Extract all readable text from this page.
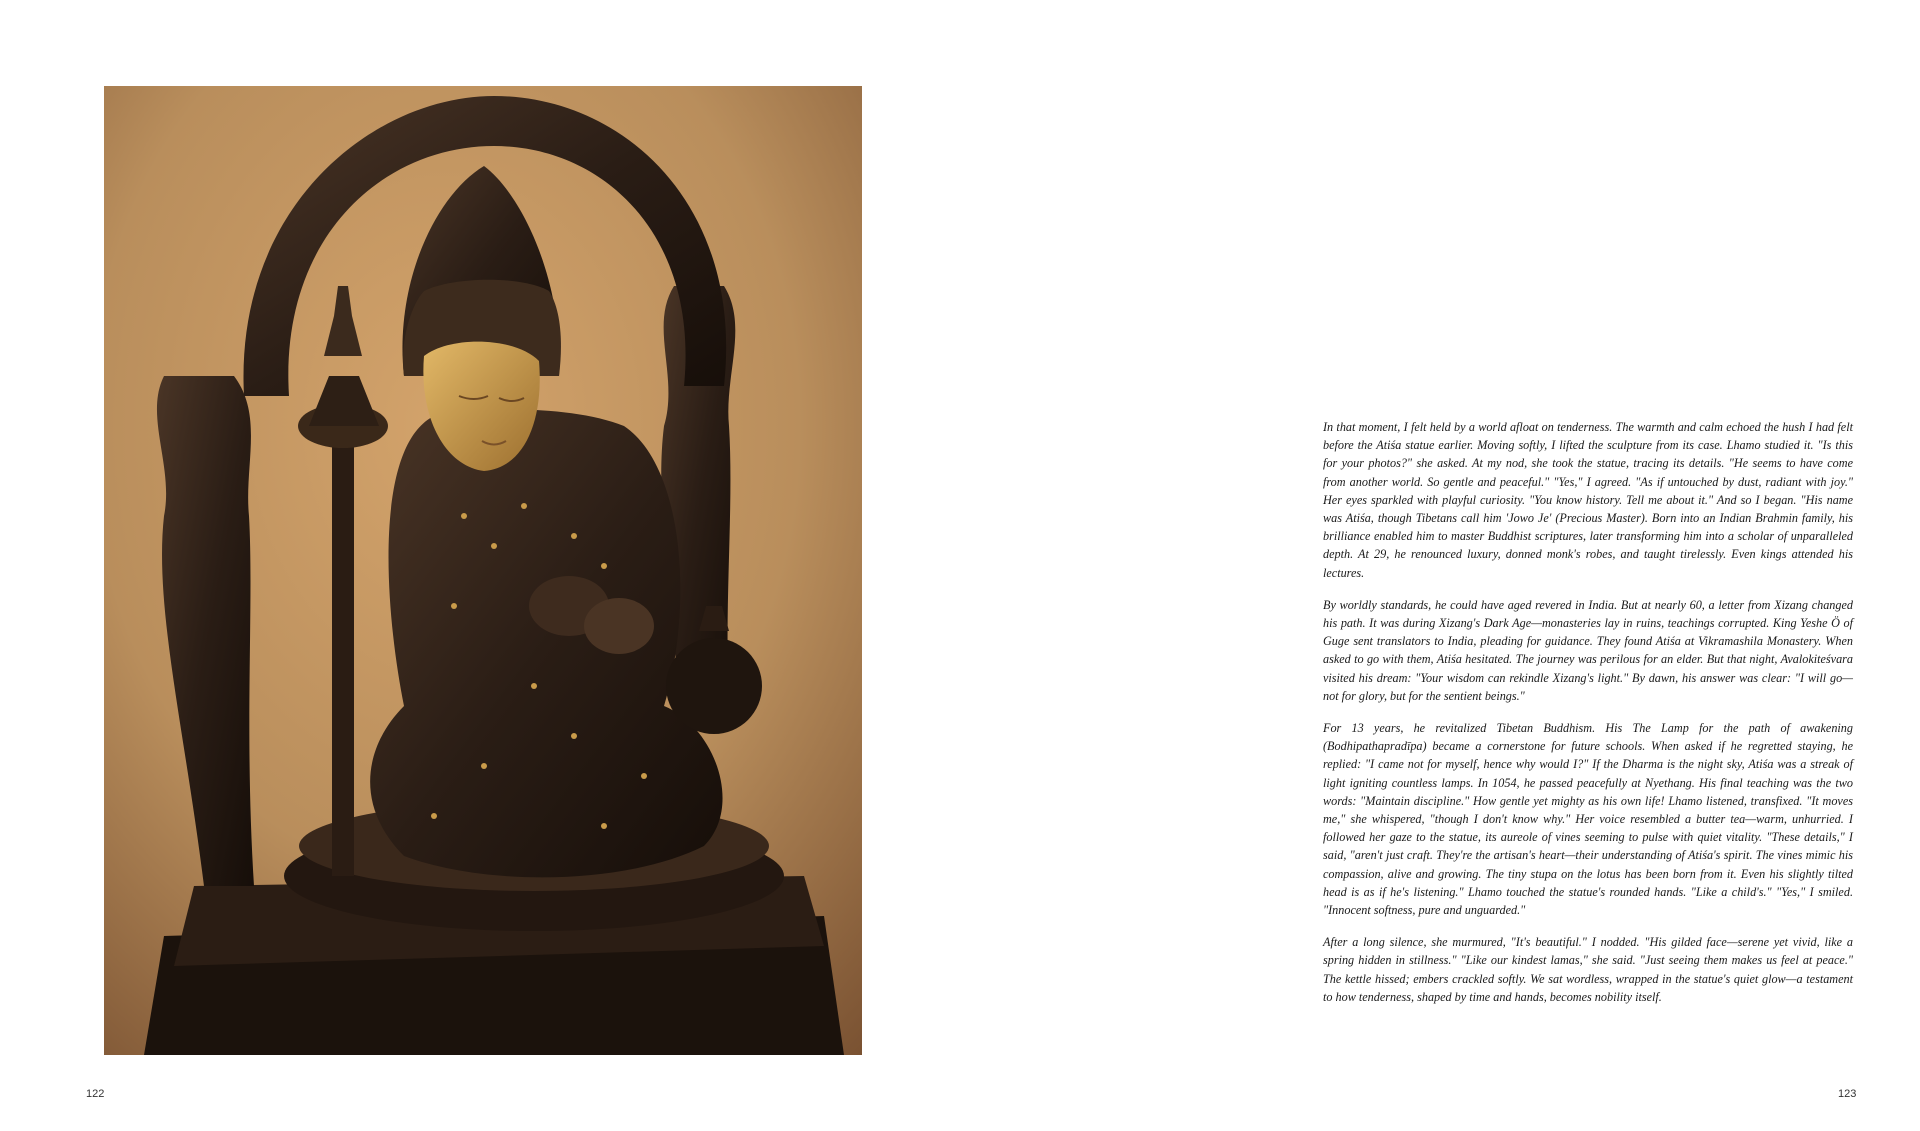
122

In that moment, I felt held by a world afloat on tenderness. The warmth and calm echoed the hush I had felt before the Atiśa statue earlier. Moving softly, I lifted the sculpture from its case. Lhamo studied it. "Is this for your photos?" she asked. At my nod, she took the statue, tracing its details. "He seems to have come from another world. So gentle and peaceful." "Yes," I agreed. "As if untouched by dust, radiant with joy." Her eyes sparkled with playful curiosity. "You know history. Tell me about it." And so I began. "His name was Atiśa, though Tibetans call him 'Jowo Je' (Precious Master). Born into an Indian Brahmin family, his brilliance enabled him to master Buddhist scriptures, later transforming him into a scholar of unparalleled depth. At 29, he renounced luxury, donned monk's robes, and taught tirelessly. Even kings attended his lectures.

By worldly standards, he could have aged revered in India. But at nearly 60, a letter from Xizang changed his path. It was during Xizang's Dark Age—monasteries lay in ruins, teachings corrupted. King Yeshe Ö of Guge sent translators to India, pleading for guidance. They found Atiśa at Vikramashila Monastery. When asked to go with them, Atiśa hesitated. The journey was perilous for an elder. But that night, Avalokiteśvara visited his dream: "Your wisdom can rekindle Xizang's light." By dawn, his answer was clear: "I will go—not for glory, but for the sentient beings."

For 13 years, he revitalized Tibetan Buddhism. His The Lamp for the path of awakening (Bodhipathapradīpa) became a cornerstone for future schools. When asked if he regretted staying, he replied: "I came not for myself, hence why would I?" If the Dharma is the night sky, Atiśa was a streak of light igniting countless lamps. In 1054, he passed peacefully at Nyethang. His final teaching was the two words: "Maintain discipline." How gentle yet mighty as his own life! Lhamo listened, transfixed. "It moves me," she whispered, "though I don't know why." Her voice resembled a butter tea—warm, unhurried. I followed her gaze to the statue, its aureole of vines seeming to pulse with quiet vitality. "These details," I said, "aren't just craft. They're the artisan's heart—their understanding of Atiśa's spirit. The vines mimic his compassion, alive and growing. The tiny stupa on the lotus has been born from it. Even his slightly tilted head is as if he's listening." Lhamo touched the statue's rounded hands. "Like a child's." "Yes," I smiled. "Innocent softness, pure and unguarded."

After a long silence, she murmured, "It's beautiful." I nodded. "His gilded face—serene yet vivid, like a spring hidden in stillness." "Like our kindest lamas," she said. "Just seeing them makes us feel at peace." The kettle hissed; embers crackled softly. We sat wordless, wrapped in the statue's quiet glow—a testament to how tenderness, shaped by time and hands, becomes nobility itself.

123
